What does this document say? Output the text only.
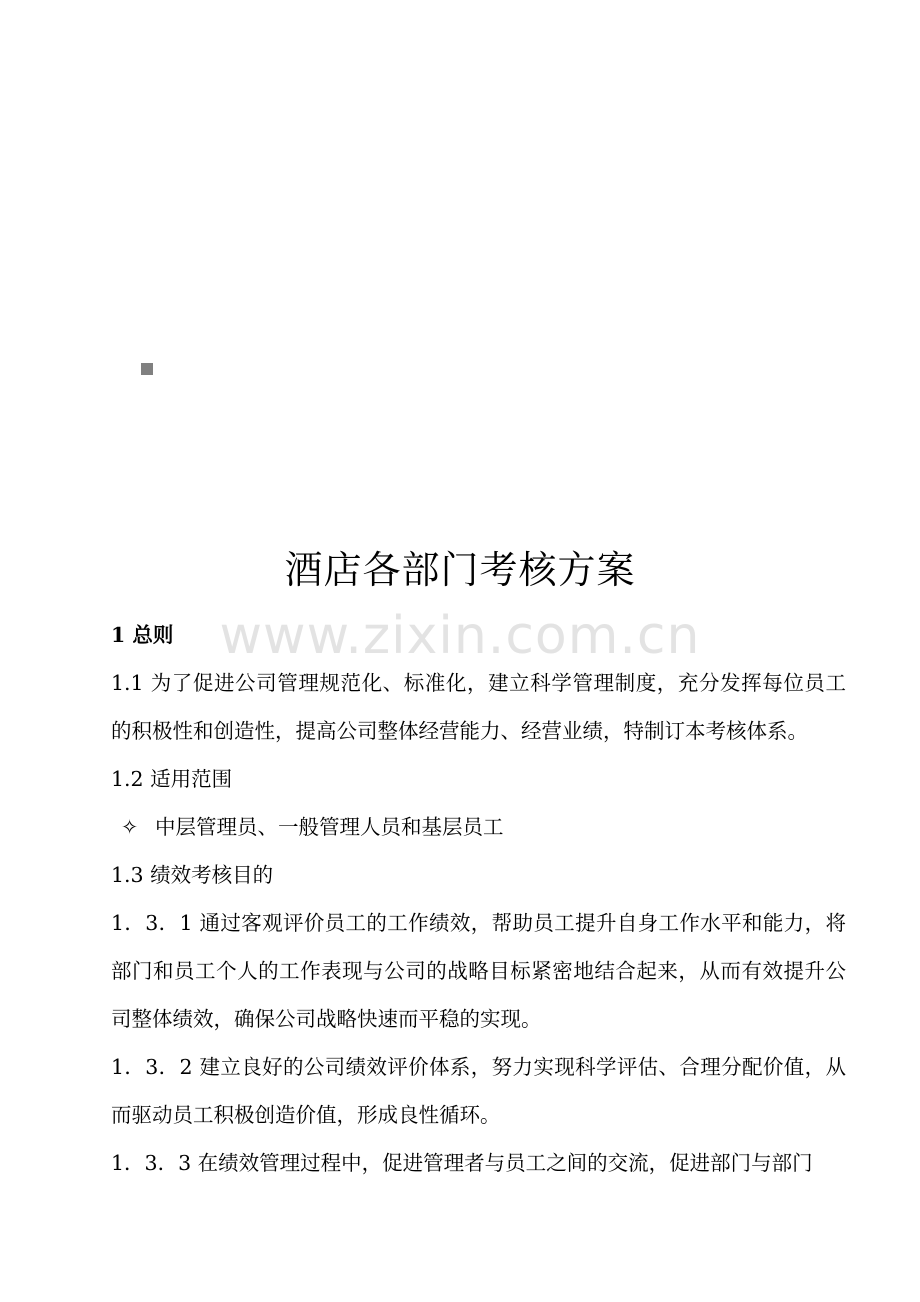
www.zixin.com.cn
酒店各部门考核方案

1 总则

1.1 为了促进公司管理规范化、标准化，建立科学管理制度，充分发挥每位员工的积极性和创造性，提高公司整体经营能力、经营业绩，特制订本考核体系。

1.2 适用范围

✧ 中层管理员、一般管理人员和基层员工

1.3 绩效考核目的

1．3．1 通过客观评价员工的工作绩效，帮助员工提升自身工作水平和能力，将部门和员工个人的工作表现与公司的战略目标紧密地结合起来，从而有效提升公司整体绩效，确保公司战略快速而平稳的实现。

1．3．2 建立良好的公司绩效评价体系，努力实现科学评估、合理分配价值，从而驱动员工积极创造价值，形成良性循环。

1．3．3 在绩效管理过程中，促进管理者与员工之间的交流，促进部门与部门
